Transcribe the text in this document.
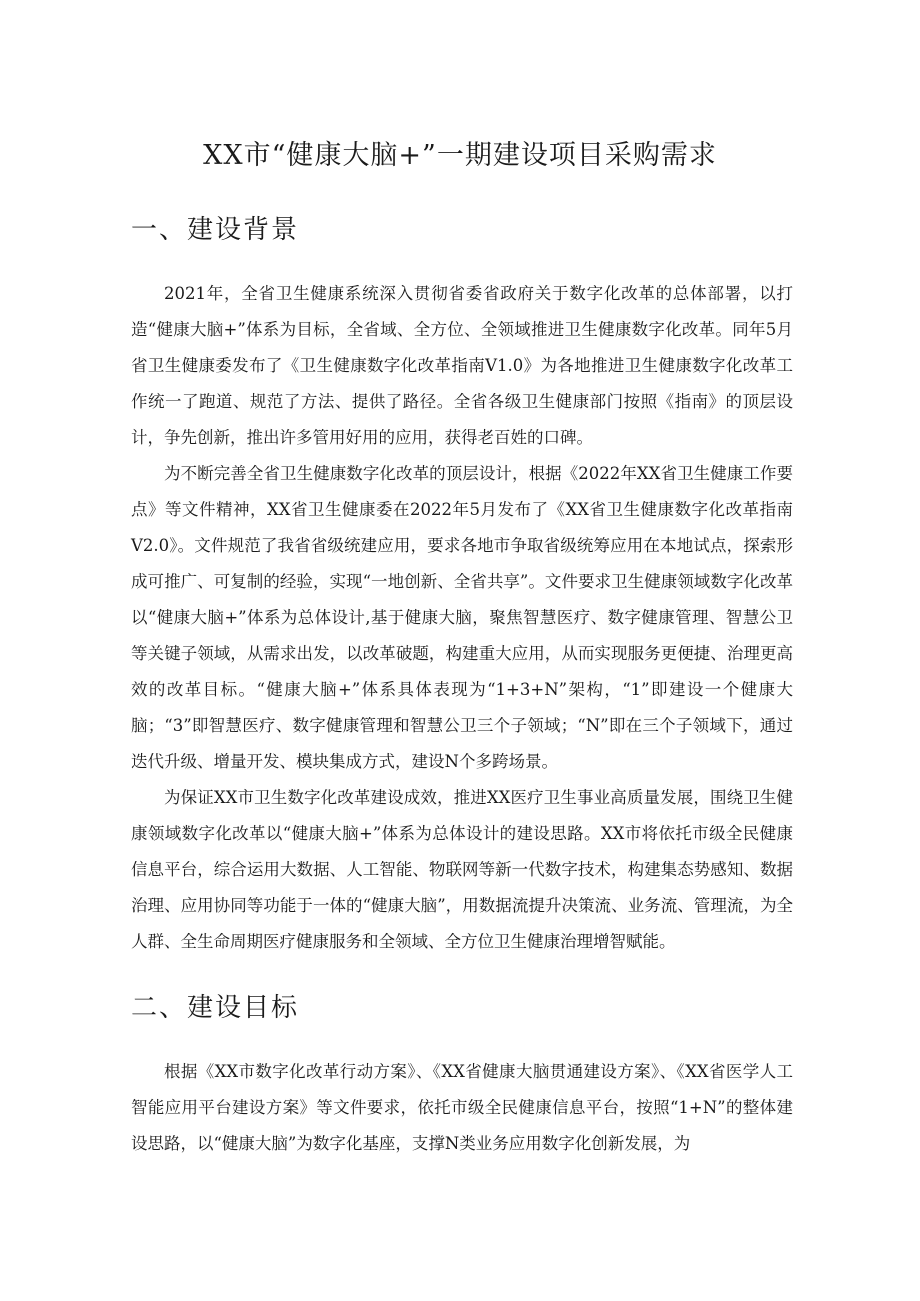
XX市“健康大脑+”一期建设项目采购需求
一、建设背景

2021年，全省卫生健康系统深入贯彻省委省政府关于数字化改革的总体部署，以打造“健康大脑+”体系为目标，全省域、全方位、全领域推进卫生健康数字化改革。同年5月省卫生健康委发布了《卫生健康数字化改革指南V1.0》为各地推进卫生健康数字化改革工作统一了跑道、规范了方法、提供了路径。全省各级卫生健康部门按照《指南》的顶层设计，争先创新，推出许多管用好用的应用，获得老百姓的口碑。

为不断完善全省卫生健康数字化改革的顶层设计，根据《2022年XX省卫生健康工作要点》等文件精神，XX省卫生健康委在2022年5月发布了《XX省卫生健康数字化改革指南V2.0》。文件规范了我省省级统建应用，要求各地市争取省级统筹应用在本地试点，探索形成可推广、可复制的经验，实现“一地创新、全省共享”。文件要求卫生健康领域数字化改革以“健康大脑+”体系为总体设计,基于健康大脑，聚焦智慧医疗、数字健康管理、智慧公卫等关键子领域，从需求出发，以改革破题，构建重大应用，从而实现服务更便捷、治理更高效的改革目标。“健康大脑+”体系具体表现为“1+3+N”架构，“1”即建设一个健康大脑；“3”即智慧医疗、数字健康管理和智慧公卫三个子领域；“N”即在三个子领域下，通过迭代升级、增量开发、模块集成方式，建设N个多跨场景。

为保证XX市卫生数字化改革建设成效，推进XX医疗卫生事业高质量发展，围绕卫生健康领域数字化改革以“健康大脑+”体系为总体设计的建设思路。XX市将依托市级全民健康信息平台，综合运用大数据、人工智能、物联网等新一代数字技术，构建集态势感知、数据治理、应用协同等功能于一体的“健康大脑”，用数据流提升决策流、业务流、管理流，为全人群、全生命周期医疗健康服务和全领域、全方位卫生健康治理增智赋能。

二、建设目标

根据《XX市数字化改革行动方案》、《XX省健康大脑贯通建设方案》、《XX省医学人工智能应用平台建设方案》等文件要求，依托市级全民健康信息平台，按照“1+N”的整体建设思路，以“健康大脑”为数字化基座，支撑N类业务应用数字化创新发展，为
